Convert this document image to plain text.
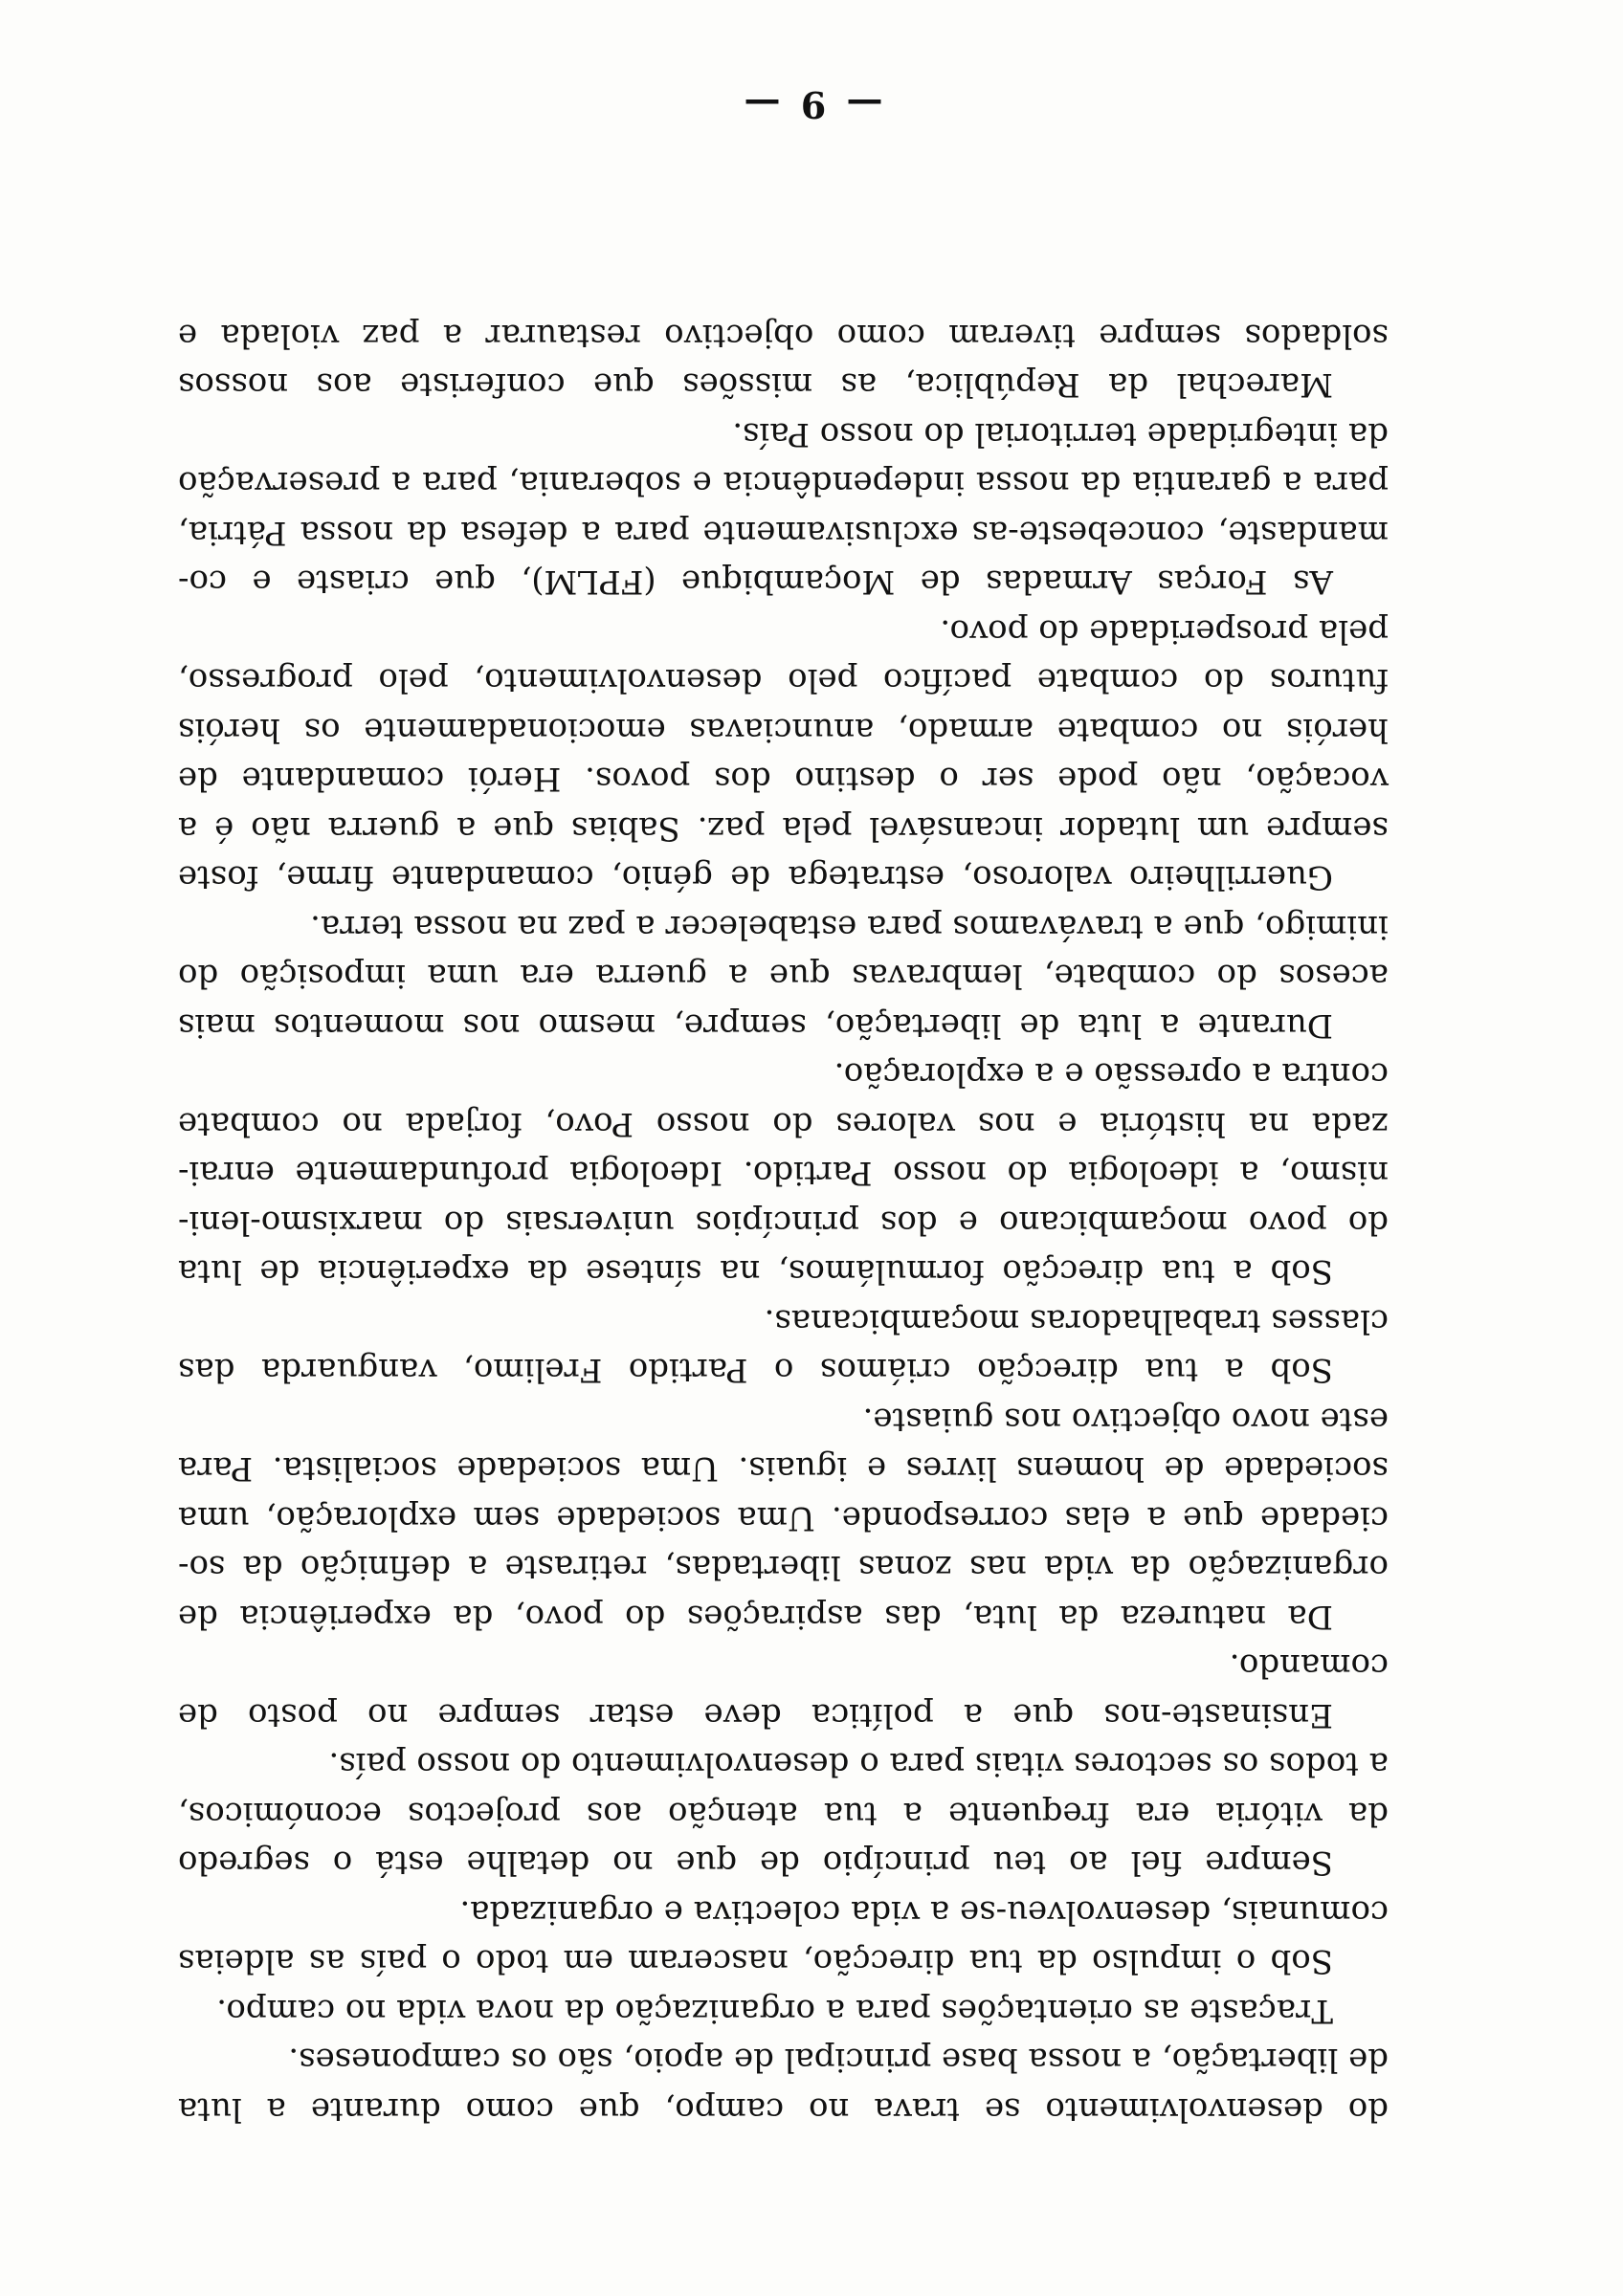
do desenvolvimento se trava no campo, que como durante a luta
de libertação, a nossa base principal de apoio, são os camponeses.
Traçaste as orientações para a organização da nova vida no campo.
Sob o impulso da tua direcção, nasceram em todo o país as aldeias
comunais, desenvolveu-se a vida colectiva e organizada.
Sempre fiel ao teu princípio de que no detalhe está o segredo
da vitória era frequente a tua atenção aos projectos económicos,
a todos os sectores vitais para o desenvolvimento do nosso país.
Ensinaste-nos que a política deve estar sempre no posto de
comando.
Da natureza da luta, das aspirações do povo, da experiência de
organização da vida nas zonas libertadas, retiraste a definição da so-
ciedade que a elas corresponde. Uma sociedade sem exploração, uma
sociedade de homens livres e iguais. Uma sociedade socialista. Para
este novo objectivo nos guiaste.
Sob a tua direcção criámos o Partido Frelimo, vanguarda das
classes trabalhadoras moçambicanas.
Sob a tua direcção formulámos, na síntese da experiência de luta
do povo moçambicano e dos princípios universais do marxismo-leni-
nismo, a ideologia do nosso Partido. Ideologia profundamente enrai-
zada na história e nos valores do nosso Povo, forjada no combate
contra a opressão e a exploração.
Durante a luta de libertação, sempre, mesmo nos momentos mais
acesos do combate, lembravas que a guerra era uma imposição do
inimigo, que a travávamos para estabelecer a paz na nossa terra.
Guerrilheiro valoroso, estratega de génio, comandante firme, foste
sempre um lutador incansável pela paz. Sabias que a guerra não é a
vocação, não pode ser o destino dos povos. Herói comandante de
heróis no combate armado, anunciavas emocionadamente os heróis
futuros do combate pacífico pelo desenvolvimento, pelo progresso,
pela prosperidade do povo.
As Forças Armadas de Moçambique (FPLM), que criaste e co-
mandaste, concebeste-as exclusivamente para a defesa da nossa Pátria,
para a garantia da nossa independência e soberania, para a preservação
da integridade territorial do nosso País.
Marechal da República, as missões que conferiste aos nossos
soldados sempre tiveram como objectivo restaurar a paz violada e
— 9 —
